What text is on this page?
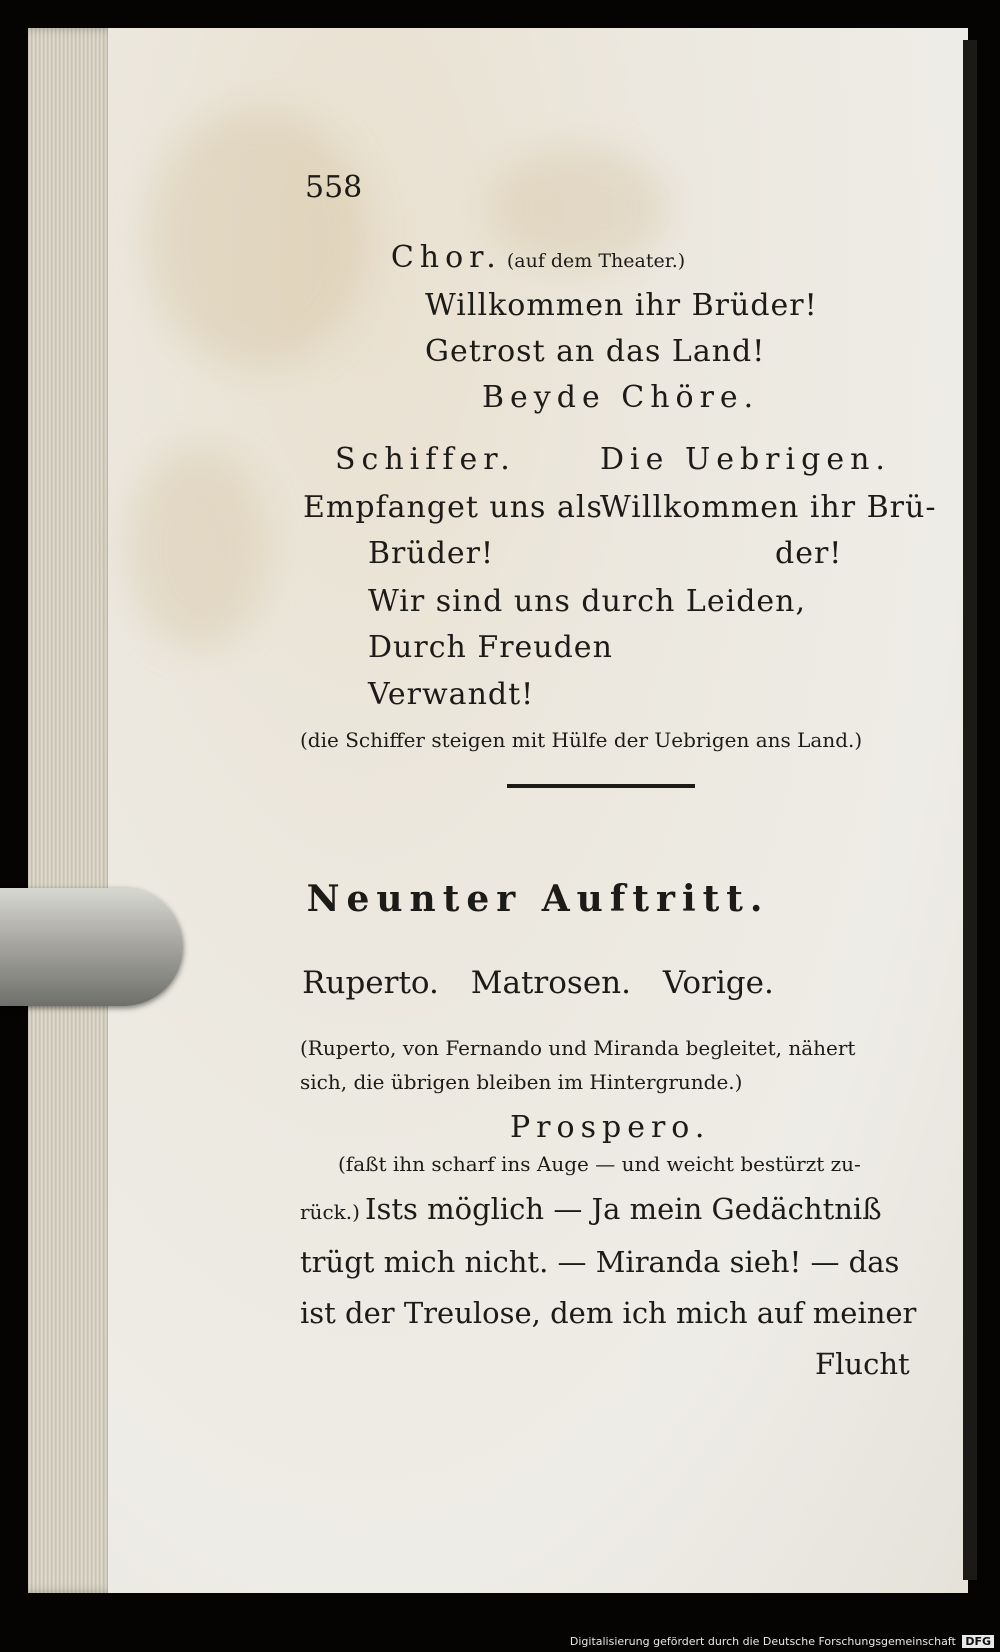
558
Chor. (auf dem Theater.)
Willkommen ihr Brüder!
Getrost an das Land!
Beyde Chöre.
Schiffer.	Die Uebrigen.
Empfanget uns als
Willkommen ihr Brü-
Brüder!	der!
Wir sind uns durch Leiden,
Durch Freuden
Verwandt!
(die Schiffer steigen mit Hülfe der Uebrigen ans Land.)
Neunter Auftritt.
Ruperto. Matrosen. Vorige.
(Ruperto, von Fernando und Miranda begleitet, nähert
sich, die übrigen bleiben im Hintergrunde.)
Prospero.
(faßt ihn scharf ins Auge — und weicht bestürzt zu-
rück.) Ists möglich — Ja mein Gedächtniß
trügt mich nicht. — Miranda sieh! — das
ist der Treulose, dem ich mich auf meiner
Flucht
Digitalisierung gefördert durch die Deutsche Forschungsgemeinschaft DFG
